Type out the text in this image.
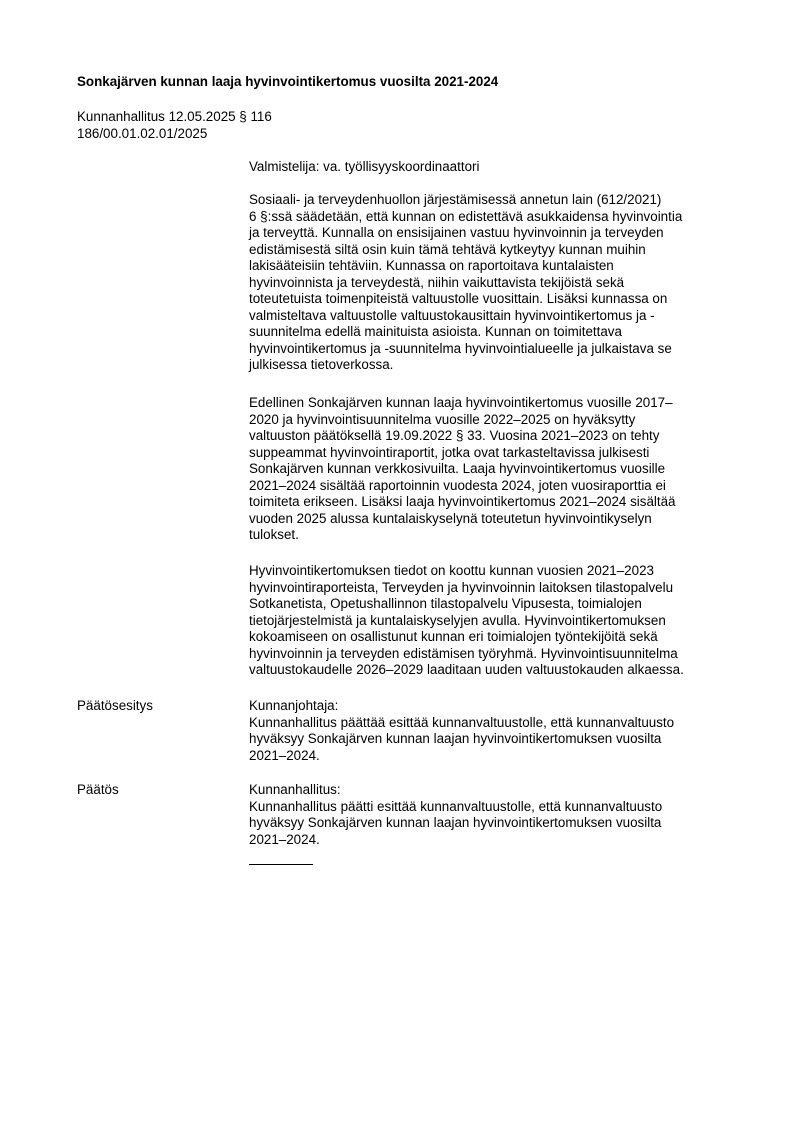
Sonkajärven kunnan laaja hyvinvointikertomus vuosilta 2021-2024
Kunnanhallitus 12.05.2025 § 116
186/00.01.02.01/2025
Valmistelija: va. työllisyyskoordinaattori
Sosiaali- ja terveydenhuollon järjestämisessä annetun lain (612/2021)
6 §:ssä säädetään, että kunnan on edistettävä asukkaidensa hyvinvointia
ja terveyttä. Kunnalla on ensisijainen vastuu hyvinvoinnin ja terveyden
edistämisestä siltä osin kuin tämä tehtävä kytkeytyy kunnan muihin
lakisääteisiin tehtäviin. Kunnassa on raportoitava kuntalaisten
hyvinvoinnista ja terveydestä, niihin vaikuttavista tekijöistä sekä
toteutetuista toimenpiteistä valtuustolle vuosittain. Lisäksi kunnassa on
valmisteltava valtuustolle valtuustokausittain hyvinvointikertomus ja -
suunnitelma edellä mainituista asioista. Kunnan on toimitettava
hyvinvointikertomus ja -suunnitelma hyvinvointialueelle ja julkaistava se
julkisessa tietoverkossa.
Edellinen Sonkajärven kunnan laaja hyvinvointikertomus vuosille 2017–
2020 ja hyvinvointisuunnitelma vuosille 2022–2025 on hyväksytty
valtuuston päätöksellä 19.09.2022 § 33. Vuosina 2021–2023 on tehty
suppeammat hyvinvointiraportit, jotka ovat tarkasteltavissa julkisesti
Sonkajärven kunnan verkkosivuilta. Laaja hyvinvointikertomus vuosille
2021–2024 sisältää raportoinnin vuodesta 2024, joten vuosiraporttia ei
toimiteta erikseen. Lisäksi laaja hyvinvointikertomus 2021–2024 sisältää
vuoden 2025 alussa kuntalaiskyselynä toteutetun hyvinvointikyselyn
tulokset.
Hyvinvointikertomuksen tiedot on koottu kunnan vuosien 2021–2023
hyvinvointiraporteista, Terveyden ja hyvinvoinnin laitoksen tilastopalvelu
Sotkanetista, Opetushallinnon tilastopalvelu Vipusesta, toimialojen
tietojärjestelmistä ja kuntalaiskyselyjen avulla. Hyvinvointikertomuksen
kokoamiseen on osallistunut kunnan eri toimialojen työntekijöitä sekä
hyvinvoinnin ja terveyden edistämisen työryhmä. Hyvinvointisuunnitelma
valtuustokaudelle 2026–2029 laaditaan uuden valtuustokauden alkaessa.
Päätösesitys	Kunnanjohtaja:
Kunnanhallitus päättää esittää kunnanvaltuustolle, että kunnanvaltuusto
hyväksyy Sonkajärven kunnan laajan hyvinvointikertomuksen vuosilta
2021–2024.
Päätös	Kunnanhallitus:
Kunnanhallitus päätti esittää kunnanvaltuustolle, että kunnanvaltuusto
hyväksyy Sonkajärven kunnan laajan hyvinvointikertomuksen vuosilta
2021–2024.
